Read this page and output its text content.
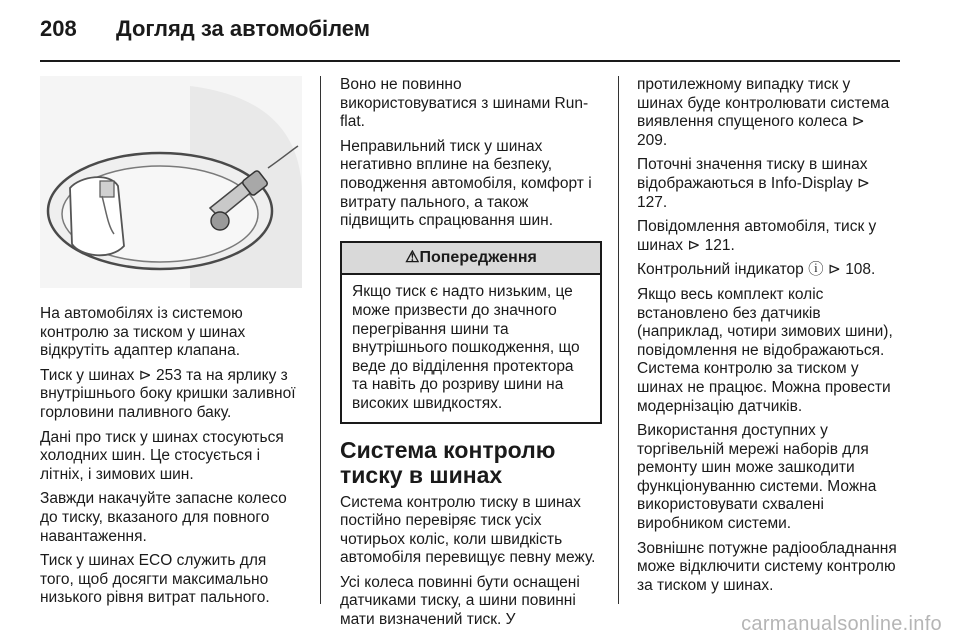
208 Догляд за автомобілем

На автомобілях із системою контролю за тиском у шинах відкрутіть адаптер клапана.

Тиск у шинах ⊳ 253 та на ярлику з внутрішнього боку кришки заливної горловини паливного баку.

Дані про тиск у шинах стосуються холодних шин. Це стосується і літніх, і зимових шин.

Завжди накачуйте запасне колесо до тиску, вказаного для повного навантаження.

Тиск у шинах ECO служить для того, щоб досягти максимально низького рівня витрат пального.

Воно не повинно використовуватися з шинами Run-flat.

Неправильний тиск у шинах негативно вплине на безпеку, поводження автомобіля, комфорт і витрату пального, а також підвищить спрацювання шин.

⚠Попередження

Якщо тиск є надто низьким, це може призвести до значного перегрівання шини та внутрішнього пошкодження, що веде до відділення протектора та навіть до розриву шини на високих швидкостях.

Система контролю тиску в шинах

Система контролю тиску в шинах постійно перевіряє тиск усіх чотирьох коліс, коли швидкість автомобіля перевищує певну межу.

Усі колеса повинні бути оснащені датчиками тиску, а шини повинні мати визначений тиск. У

протилежному випадку тиск у шинах буде контролювати система виявлення спущеного колеса ⊳ 209.

Поточні значення тиску в шинах відображаються в Info-Display ⊳ 127.

Повідомлення автомобіля, тиск у шинах ⊳ 121.

Контрольний індикатор ⓘ ⊳ 108.

Якщо весь комплект коліс встановлено без датчиків (наприклад, чотири зимових шини), повідомлення не відображаються. Система контролю за тиском у шинах не працює. Можна провести модернізацію датчиків.

Використання доступних у торгівельній мережі наборів для ремонту шин може зашкодити функціонуванню системи. Можна використовувати схвалені виробником системи.

Зовнішнє потужне радіообладнання може відключити систему контролю за тиском у шинах.

carmanualsonline.info
